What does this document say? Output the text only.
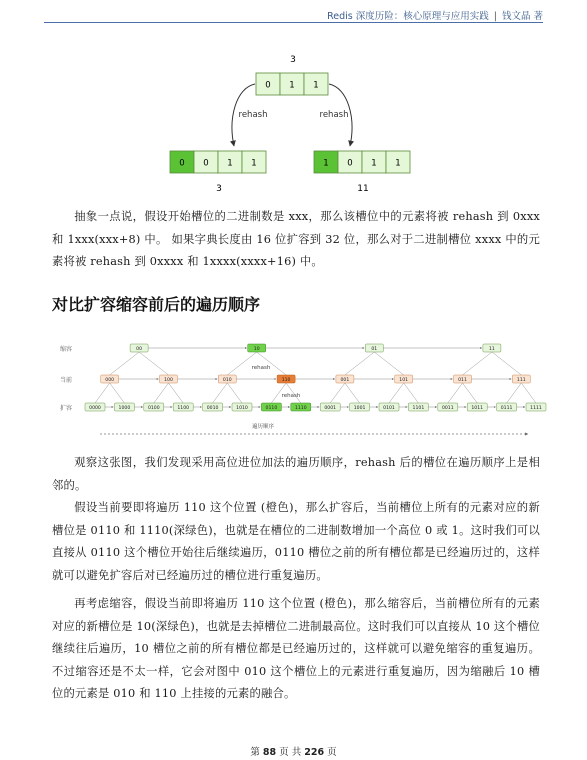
Redis 深度历险：核心原理与应用实践 | 钱文晶 著
3
0 1 1
rehash	rehash
0 0 1 1	1 0 1 1
3	11
缩容
当前
扩容
00	10	01	11
000	100	010	110	001	101	011	111
0000	1000	0100	1100	0010	1010	0110	1110	0001	1001	0101	1101	0011	1011	0111	1111
rehash
rehash
遍历顺序
抽象一点说，假设开始槽位的二进制数是 xxx，那么该槽位中的元素将被 rehash 到 0xxx 和 1xxx(xxx+8) 中。 如果字典长度由 16 位扩容到 32 位，那么对于二进制槽位 xxxx 中的元素将被 rehash 到 0xxxx 和 1xxxx(xxxx+16) 中。
对比扩容缩容前后的遍历顺序
观察这张图，我们发现采用高位进位加法的遍历顺序，rehash 后的槽位在遍历顺序上是相邻的。
假设当前要即将遍历 110 这个位置 (橙色)，那么扩容后，当前槽位上所有的元素对应的新槽位是 0110 和 1110(深绿色)，也就是在槽位的二进制数增加一个高位 0 或 1。这时我们可以直接从 0110 这个槽位开始往后继续遍历，0110 槽位之前的所有槽位都是已经遍历过的，这样就可以避免扩容后对已经遍历过的槽位进行重复遍历。
再考虑缩容，假设当前即将遍历 110 这个位置 (橙色)，那么缩容后，当前槽位所有的元素对应的新槽位是 10(深绿色)，也就是去掉槽位二进制最高位。这时我们可以直接从 10 这个槽位继续往后遍历，10 槽位之前的所有槽位都是已经遍历过的，这样就可以避免缩容的重复遍历。不过缩容还是不太一样，它会对图中 010 这个槽位上的元素进行重复遍历，因为缩融后 10 槽位的元素是 010 和 110 上挂接的元素的融合。
第 88 页 共 226 页
